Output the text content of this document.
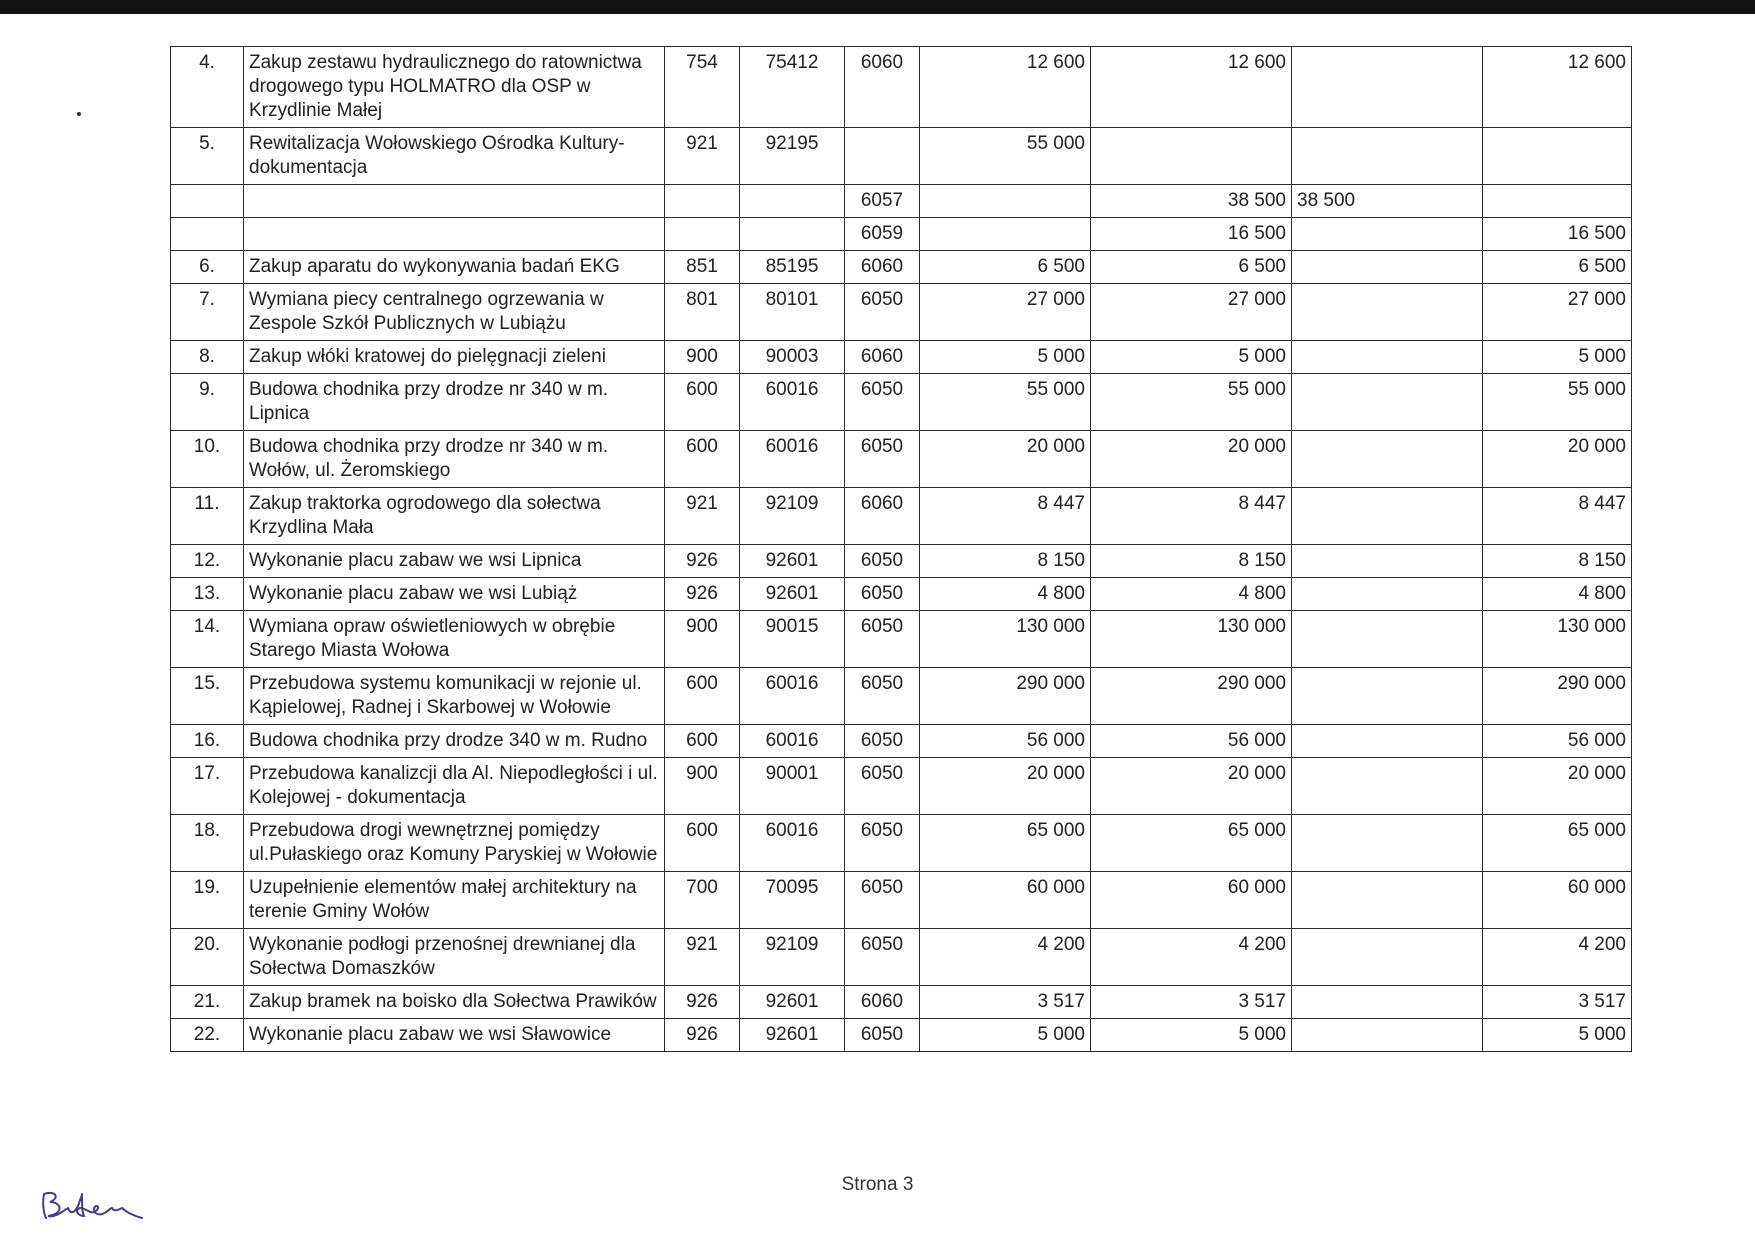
4.	Zakup zestawu hydraulicznego do ratownictwa drogowego typu HOLMATRO dla OSP w Krzydlinie Małej	754	75412	6060	12 600	12 600		12 600
5.	Rewitalizacja Wołowskiego Ośrodka Kultury- dokumentacja	921	92195		55 000			
				6057		38 500	38 500	
				6059		16 500		16 500
6.	Zakup aparatu do wykonywania badań EKG	851	85195	6060	6 500	6 500		6 500
7.	Wymiana piecy centralnego ogrzewania w Zespole Szkół Publicznych w Lubiążu	801	80101	6050	27 000	27 000		27 000
8.	Zakup włóki kratowej do pielęgnacji zieleni	900	90003	6060	5 000	5 000		5 000
9.	Budowa chodnika przy drodze nr 340 w m. Lipnica	600	60016	6050	55 000	55 000		55 000
10.	Budowa chodnika przy drodze nr 340 w m. Wołów, ul. Żeromskiego	600	60016	6050	20 000	20 000		20 000
11.	Zakup traktorka ogrodowego dla sołectwa Krzydlina Mała	921	92109	6060	8 447	8 447		8 447
12.	Wykonanie placu zabaw we wsi Lipnica	926	92601	6050	8 150	8 150		8 150
13.	Wykonanie placu zabaw we wsi Lubiąż	926	92601	6050	4 800	4 800		4 800
14.	Wymiana opraw oświetleniowych w obrębie Starego Miasta Wołowa	900	90015	6050	130 000	130 000		130 000
15.	Przebudowa systemu komunikacji w rejonie ul. Kąpielowej, Radnej i Skarbowej w Wołowie	600	60016	6050	290 000	290 000		290 000
16.	Budowa chodnika przy drodze 340 w m. Rudno	600	60016	6050	56 000	56 000		56 000
17.	Przebudowa kanalizcji dla Al. Niepodległości i ul. Kolejowej - dokumentacja	900	90001	6050	20 000	20 000		20 000
18.	Przebudowa drogi wewnętrznej pomiędzy ul.Pułaskiego oraz Komuny Paryskiej w Wołowie	600	60016	6050	65 000	65 000		65 000
19.	Uzupełnienie elementów małej architektury na terenie Gminy Wołów	700	70095	6050	60 000	60 000		60 000
20.	Wykonanie podłogi przenośnej drewnianej dla Sołectwa Domaszków	921	92109	6050	4 200	4 200		4 200
21.	Zakup bramek na boisko dla Sołectwa Prawików	926	92601	6060	3 517	3 517		3 517
22.	Wykonanie placu zabaw we wsi Sławowice	926	92601	6050	5 000	5 000		5 000
Strona 3
